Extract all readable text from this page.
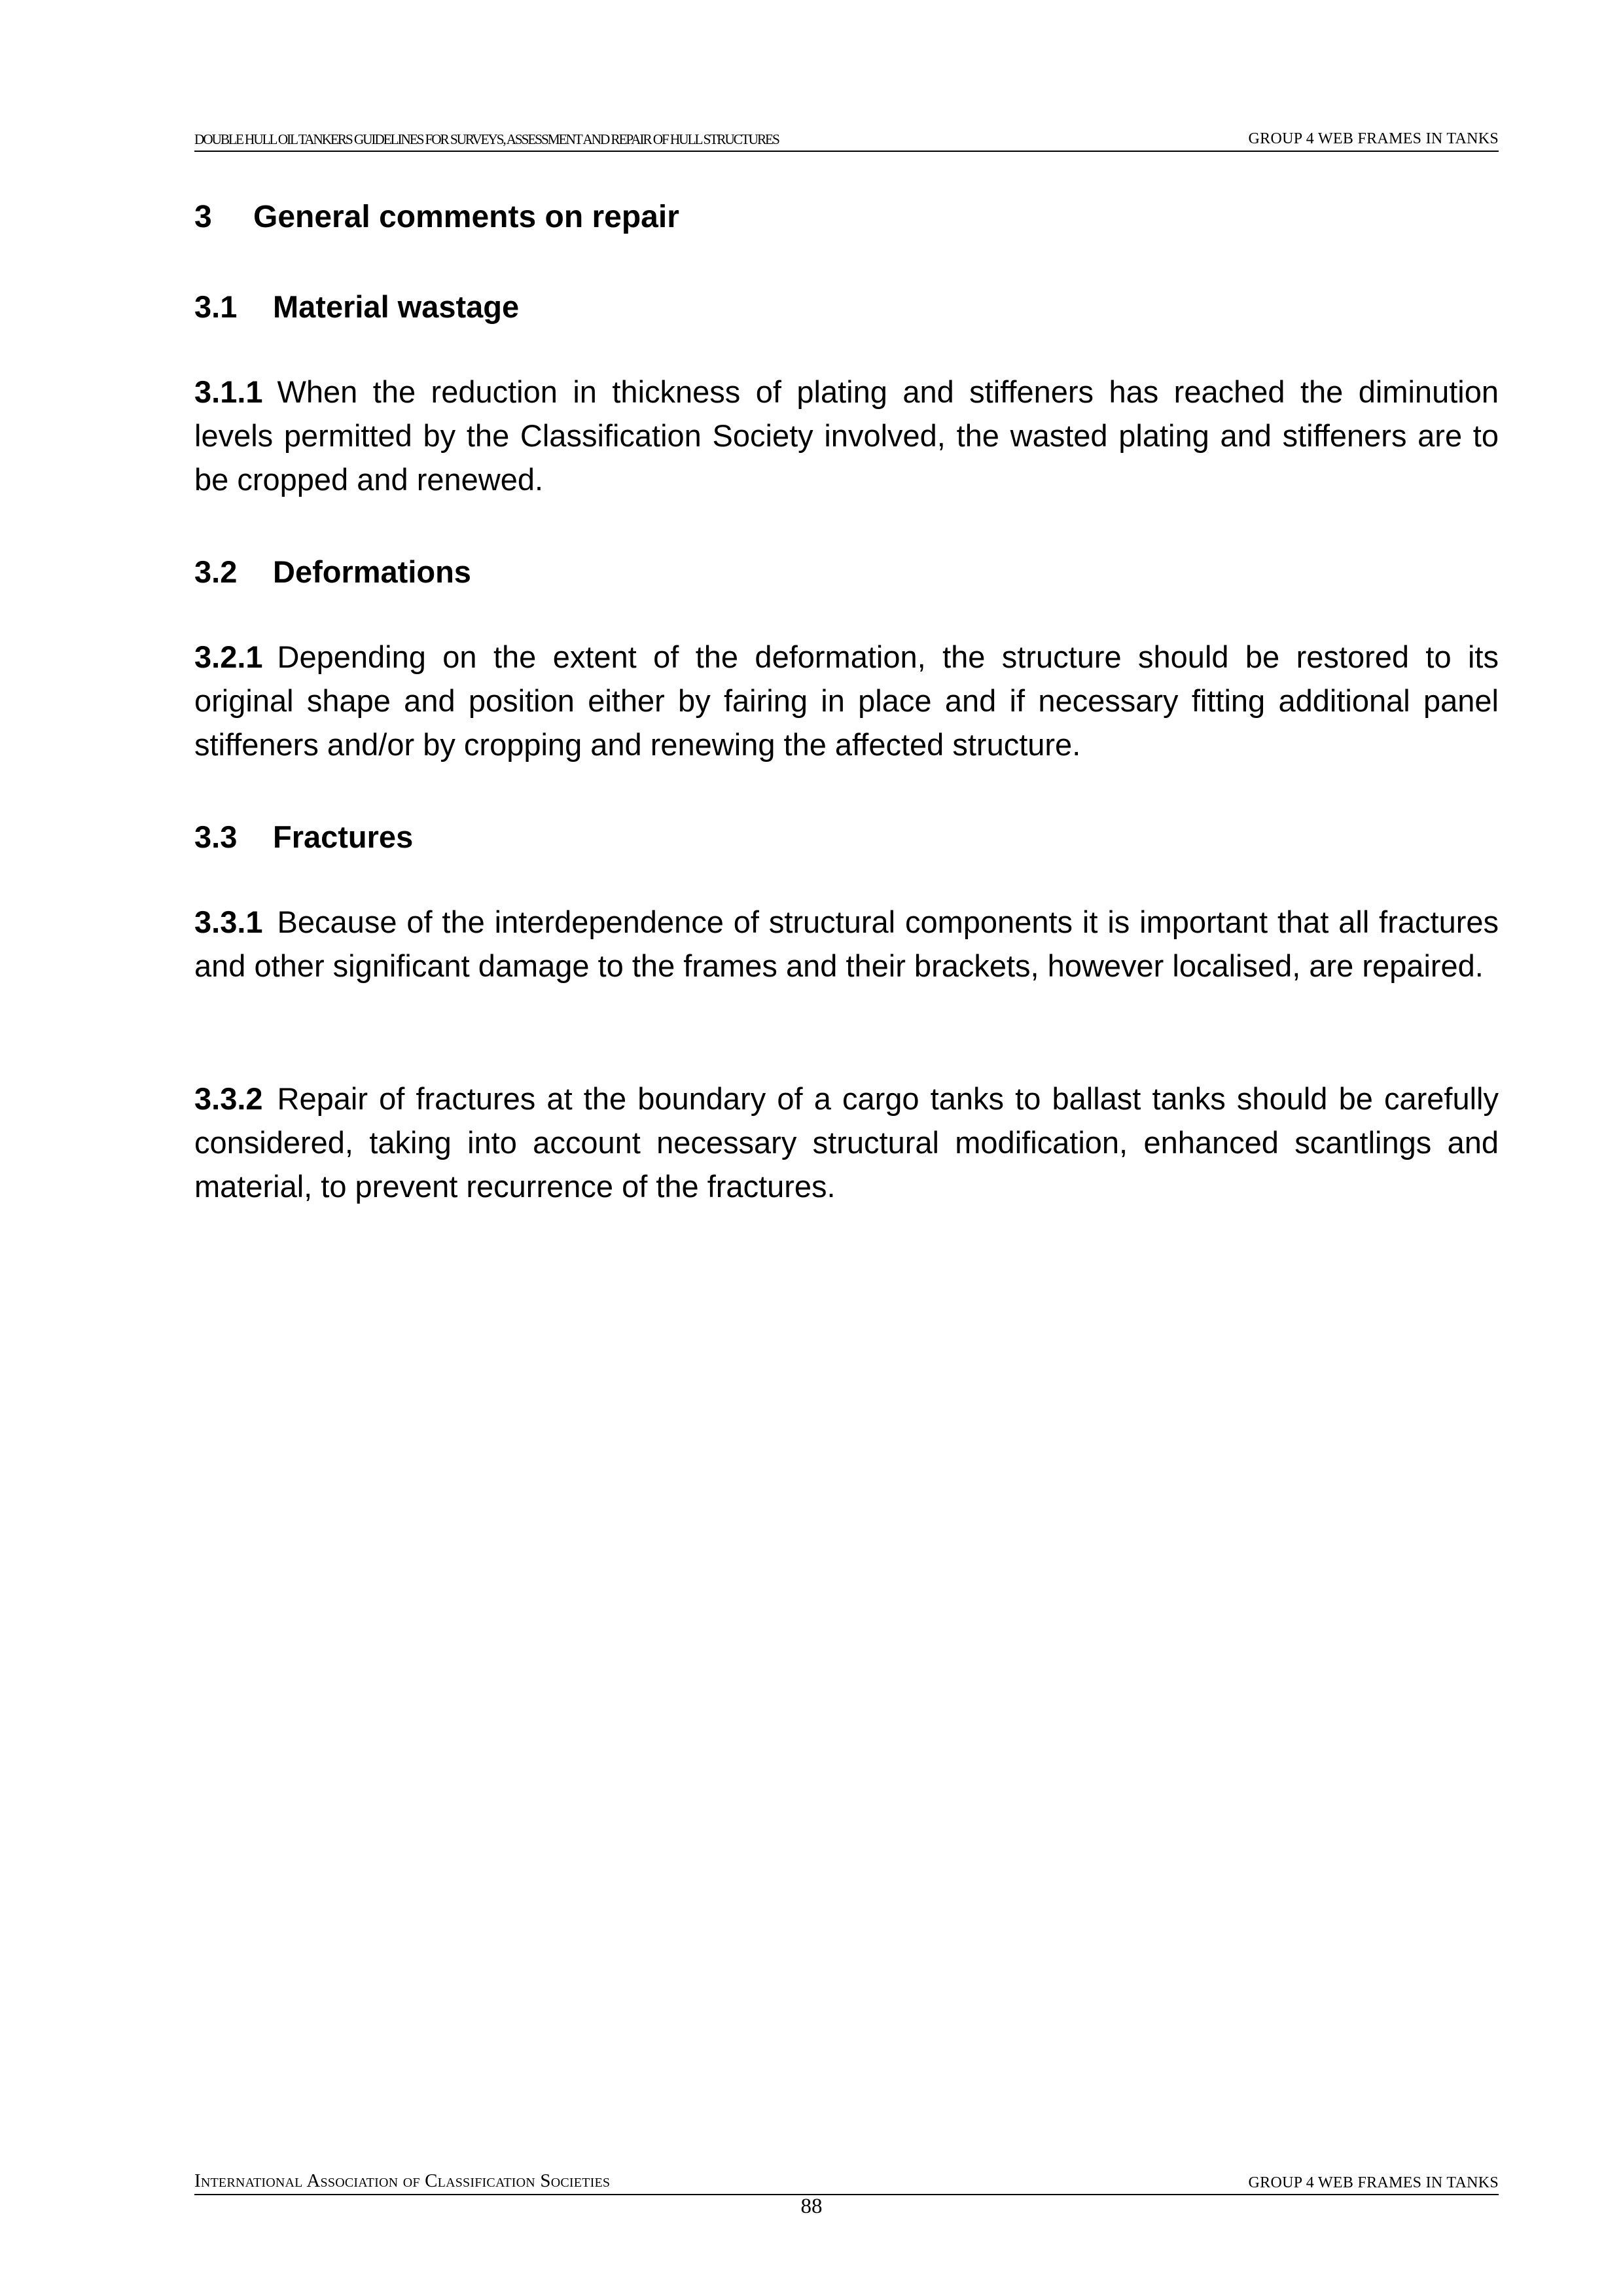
DOUBLE HULL OIL TANKERS GUIDELINES FOR SURVEYS, ASSESSMENT AND REPAIR OF HULL STRUCTURES	GROUP 4 WEB FRAMES IN TANKS
3 General comments on repair
3.1 Material wastage

3.1.1 When the reduction in thickness of plating and stiffeners has reached the diminution levels permitted by the Classification Society involved, the wasted plating and stiffeners are to be cropped and renewed.

3.2 Deformations

3.2.1 Depending on the extent of the deformation, the structure should be restored to its original shape and position either by fairing in place and if necessary fitting additional panel stiffeners and/or by cropping and renewing the affected structure.

3.3 Fractures

3.3.1 Because of the interdependence of structural components it is important that all fractures and other significant damage to the frames and their brackets, however localised, are repaired.

3.3.2 Repair of fractures at the boundary of a cargo tanks to ballast tanks should be carefully considered, taking into account necessary structural modification, enhanced scantlings and material, to prevent recurrence of the fractures.

International Association of Classification Societies	GROUP 4 WEB FRAMES IN TANKS
88
